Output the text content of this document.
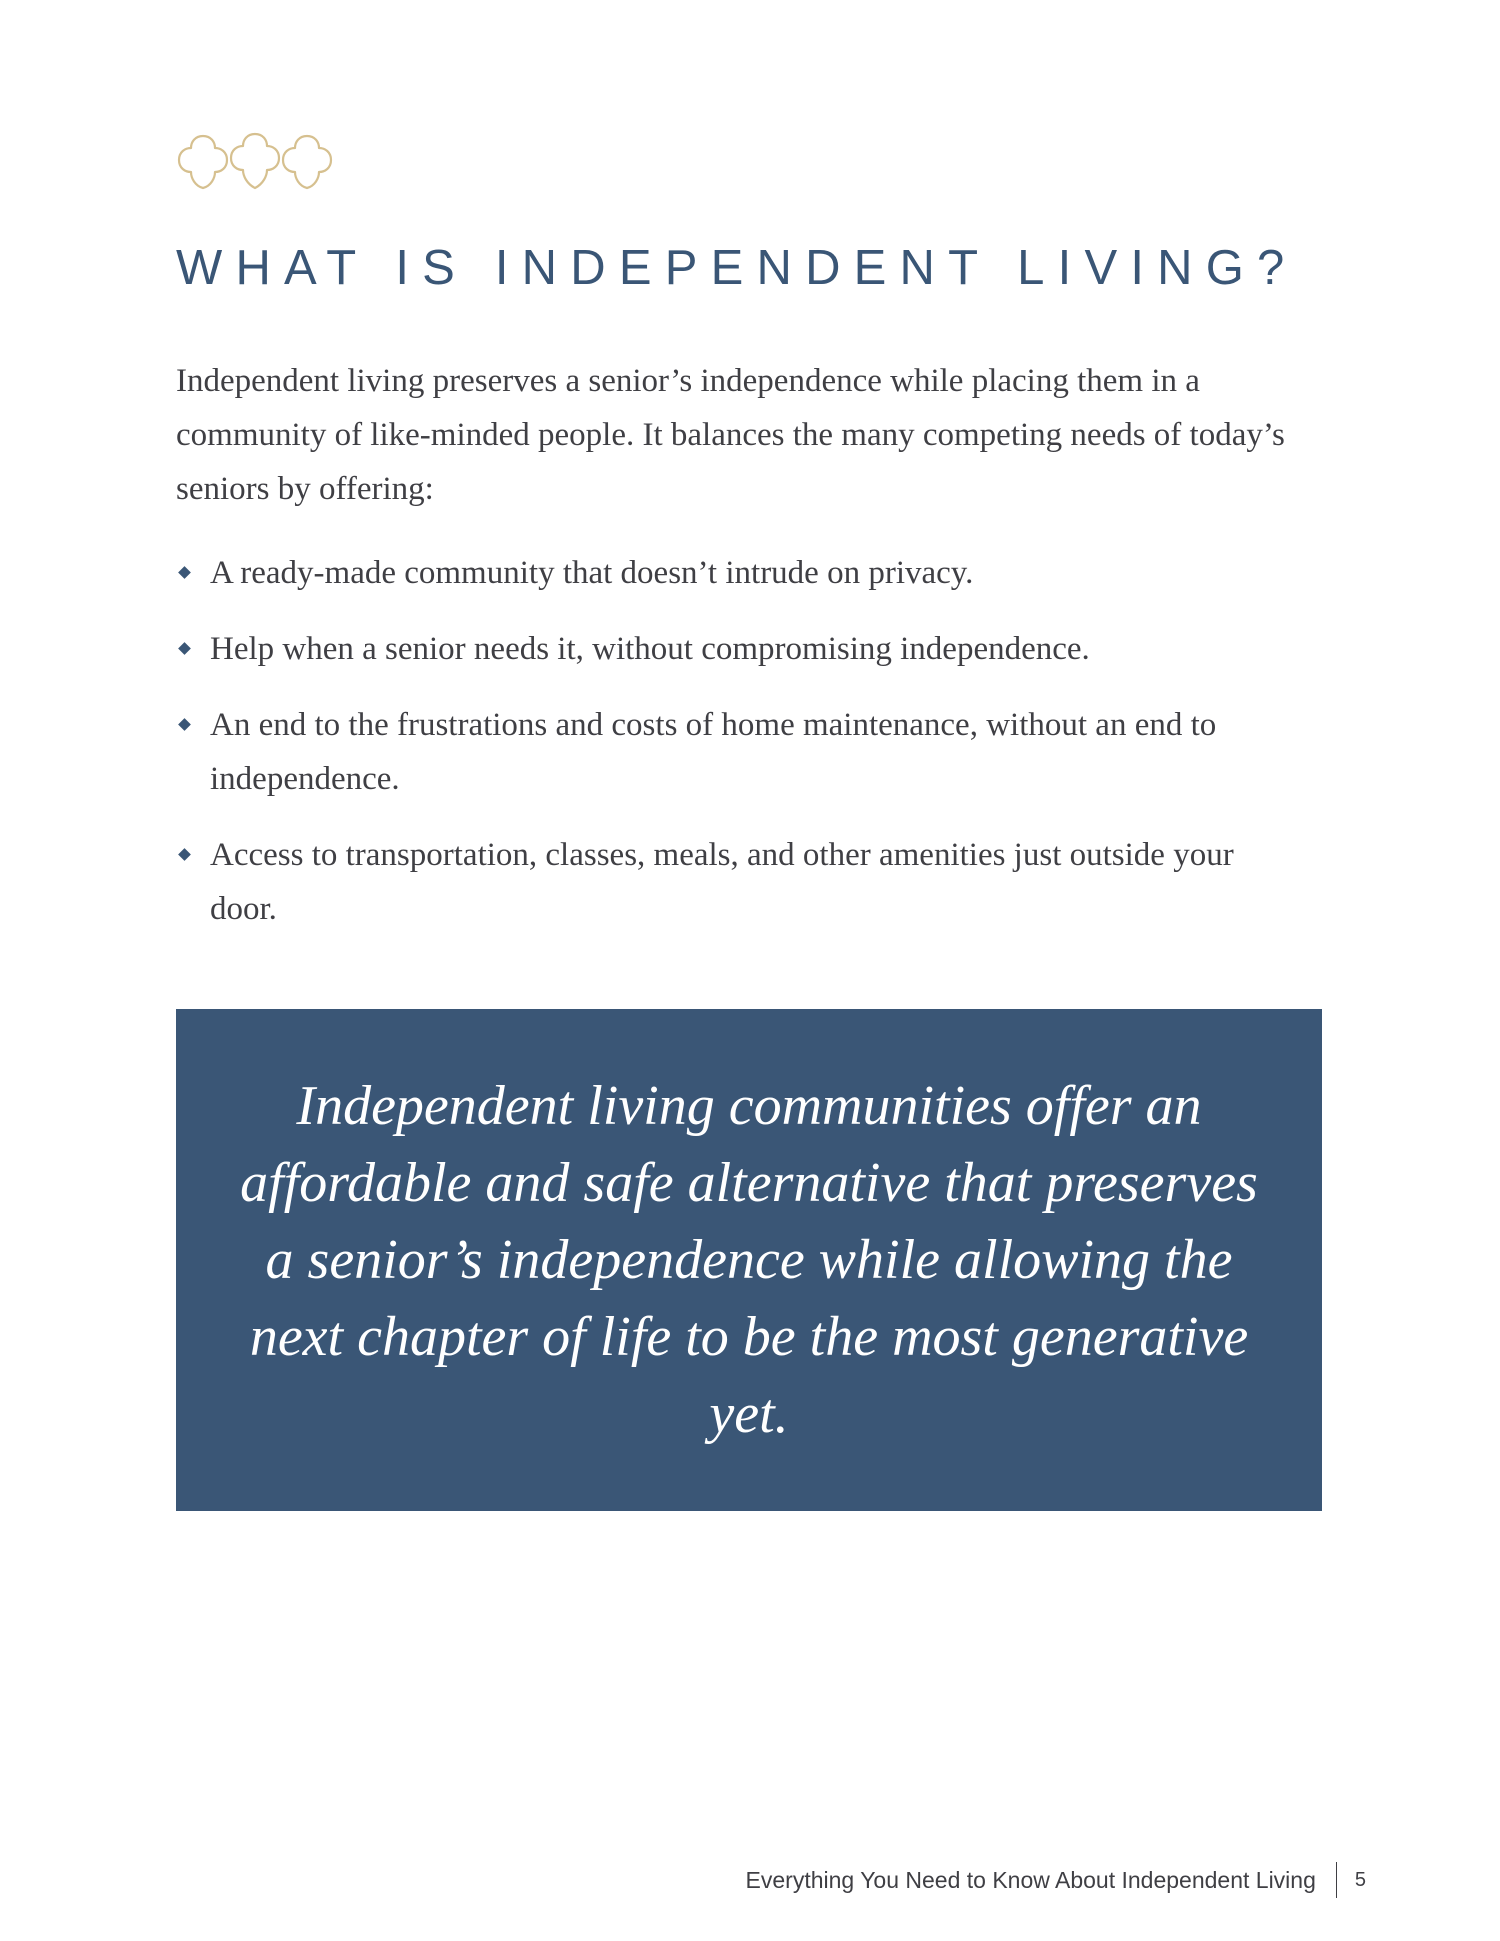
WHAT IS INDEPENDENT LIVING?

Independent living preserves a senior’s independence while placing them in a community of like-minded people. It balances the many competing needs of today’s seniors by offering:

A ready-made community that doesn’t intrude on privacy.
Help when a senior needs it, without compromising independence.
An end to the frustrations and costs of home maintenance, without an end to independence.
Access to transportation, classes, meals, and other amenities just outside your door.

Independent living communities offer an affordable and safe alternative that preserves a senior’s independence while allowing the next chapter of life to be the most generative yet.

Everything You Need to Know About Independent Living 5
